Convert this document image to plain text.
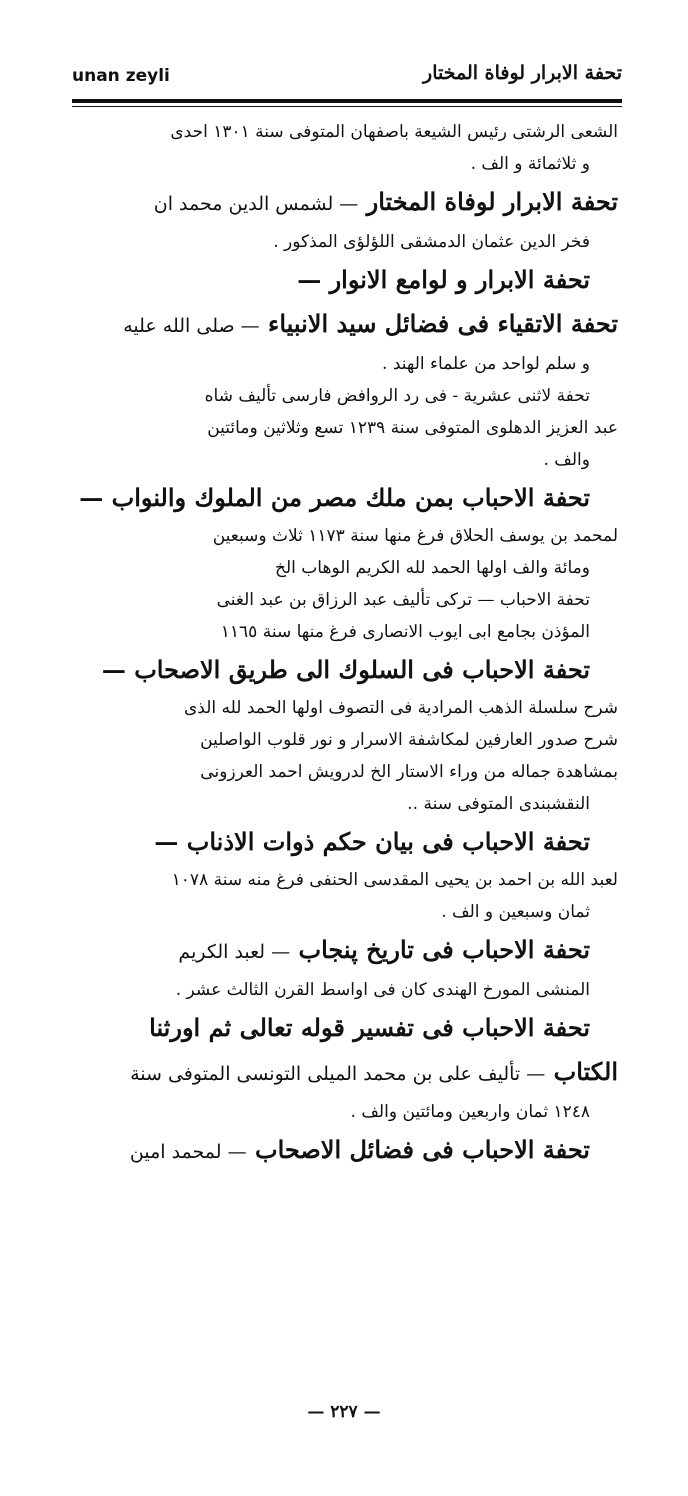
unan zeyli	تحفة الابرار لوفاة المختار
الشعى الرشتى رئيس الشيعة باصفهان المتوفى سنة ١٣٠١ احدى
و ثلاثمائة و الف .
تحفة الابرار لوفاة المختار — لشمس الدين محمد ان
فخر الدين عثمان الدمشقى اللؤلؤى المذكور .
تحفة الابرار و لوامع الانوار —
تحفة الاتقياء فى فضائل سيد الانبياء — صلى الله عليه
و سلم لواحد من علماء الهند .
تحفة لاثنى عشرية - فى رد الروافض فارسى تأليف شاه
عبد العزيز الدهلوى المتوفى سنة ١٢٣٩ تسع وثلاثين ومائتين
والف .
تحفة الاحباب بمن ملك مصر من الملوك والنواب —
لمحمد بن يوسف الحلاق فرغ منها سنة ١١٧٣ ثلاث وسبعين
ومائة والف اولها الحمد لله الكريم الوهاب الخ
تحفة الاحباب — تركى تأليف عبد الرزاق بن عبد الغنى
المؤذن بجامع ابى ايوب الانصارى فرغ منها سنة ١١٦٥
تحفة الاحباب فى السلوك الى طريق الاصحاب —
شرح سلسلة الذهب المرادية فى التصوف اولها الحمد لله الذى
شرح صدور العارفين لمكاشفة الاسرار و نور قلوب الواصلين
بمشاهدة جماله من وراء الاستار الخ لدرويش احمد العرزونى
النقشبندى المتوفى سنة ..
تحفة الاحباب فى بيان حكم ذوات الاذناب —
لعبد الله بن احمد بن يحيى المقدسى الحنفى فرغ منه سنة ١٠٧٨
ثمان وسبعين و الف .
تحفة الاحباب فى تاريخ پنجاب — لعبد الكريم
المنشى المورخ الهندى كان فى اواسط القرن الثالث عشر .
تحفة الاحباب فى تفسير قوله تعالى ثم اورثنا
الكتاب — تأليف على بن محمد الميلى التونسى المتوفى سنة
١٢٤٨ ثمان واربعين ومائتين والف .
تحفة الاحباب فى فضائل الاصحاب — لمحمد امين
— ٢٢٧ —
